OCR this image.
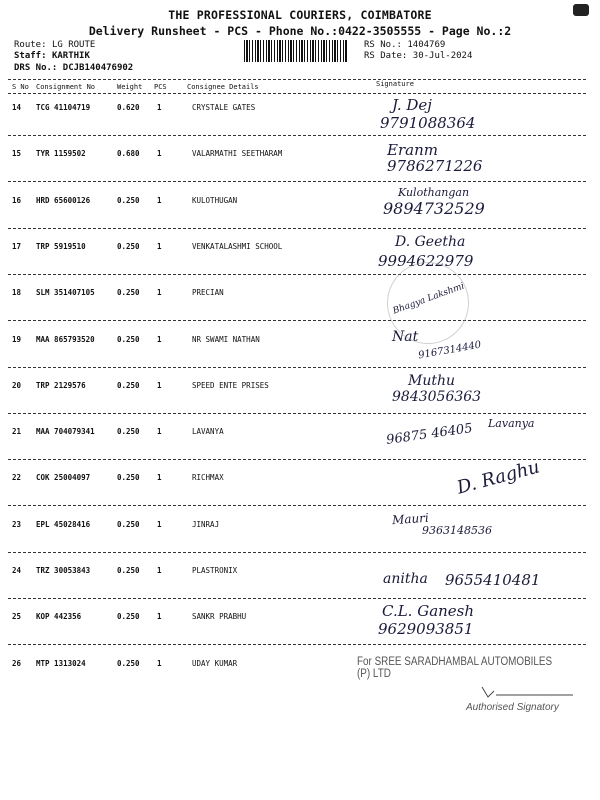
THE PROFESSIONAL COURIERS, COIMBATORE
Delivery Runsheet - PCS - Phone No.:0422-3505555 - Page No.:2
Route: LG ROUTE
Staff: KARTHIK
DRS No.: DCJB140476902
RS No.: 1404769
RS Date: 30-Jul-2024
S No Consignment No	Weight PCS	Consignee Details	Signature
14 TCG 41104719	0.620 1	CRYSTALE GATES	J. Dej
9791088364
15 TYR 1159502	0.680 1	VALARMATHI SEETHARAM	Eranm
9786271226
16 HRD 65600126	0.250 1	KULOTHUGAN
Kulothangan
9894732529
17 TRP 5919510	0.250 1	VENKATALASHMI SCHOOL	D. Geetha
9994622979
18 SLM 351407105	0.250 1	PRECIAN	Bhagya Lakshmi
19 MAA 865793520	0.250 1	NR SWAMI NATHAN	Nat
9167314440
20 TRP 2129576	0.250 1	SPEED ENTE PRISES	Muthu
9843056363
21 MAA 704079341	0.250 1	LAVANYA
Lavanya
96875 46405
22 COK 25004097	0.250 1	RICHMAX	D. Raghu
23 EPL 45028416	0.250 1	JINRAJ	Mauri
9363148536
24 TRZ 30053843	0.250 1	PLASTRONIX
anitha 9655410481
25 KOP 442356	0.250 1	SANKR PRABHU	C.L. Ganesh
9629093851
26 MTP 1313024	0.250 1	UDAY KUMAR	For SREE SARADHAMBAL AUTOMOBILES (P) LTD
Authorised Signatory
